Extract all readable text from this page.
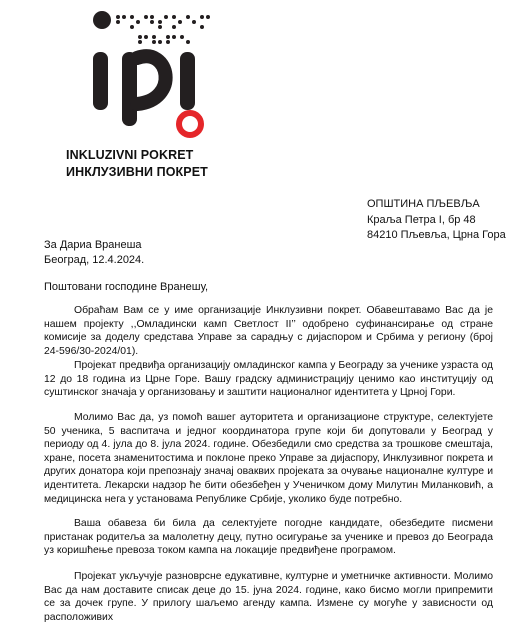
INKLUZIVNI POKRET
ИНКЛУЗИВНИ ПОКРЕТ
ОПШТИНА ПЉЕВЉА
Краља Петра I, бр 48
84210 Пљевља, Црна Гора
За Дариа Вранеша
Београд, 12.4.2024.
Поштовани господине Вранешу,

Обраћам Вам се у име организације Инклузивни покрет. Обавештавамо Вас да је нашем пројекту ,,Омладински камп Светлост II’’ одобрено суфинансирање од стране комисије за доделу средстава Управе за сарадњу с дијаспором и Србима у региону (број 24-596/30-2024/01).

Пројекат предвиђа организацију омладинског кампа у Београду за ученике узраста од 12 до 18 година из Црне Горе. Вашу градску администрацију ценимо као институцију од суштинског значаја у организовању и заштити националног идентитета у Црној Гори.

Молимо Вас да, уз помоћ вашег ауторитета и организационе структуре, селектујете 50 ученика, 5 васпитача и једног координатора групе који би допутовали у Београд у периоду од 4. јула до 8. јула 2024. године. Обезбедили смо средства за трошкове смештаја, хране, посета знаменитостима и поклоне преко Управе за дијаспору, Инклузивног покрета и других донатора који препознају значај оваквих пројеката за очување националне културе и идентитета. Лекарски надзор ће бити обезбеђен у Ученичком дому Милутин Миланковић, а медицинска нега у установама Републике Србије, уколико буде потребно.

Ваша обавеза би била да селектујете погодне кандидате, обезбедите писмени пристанак родитеља за малолетну децу, путно осигурање за ученике и превоз до Београда уз коришћење превоза током кампа на локације предвиђене програмом.

Пројекат укључује разноврсне едукативне, културне и уметничке активности. Молимо Вас да нам доставите списак деце до 15. јуна 2024. године, како бисмо могли припремити се за дочек групе. У прилогу шаљемо агенду кампа. Измене су могуће у зависности од расположивих
